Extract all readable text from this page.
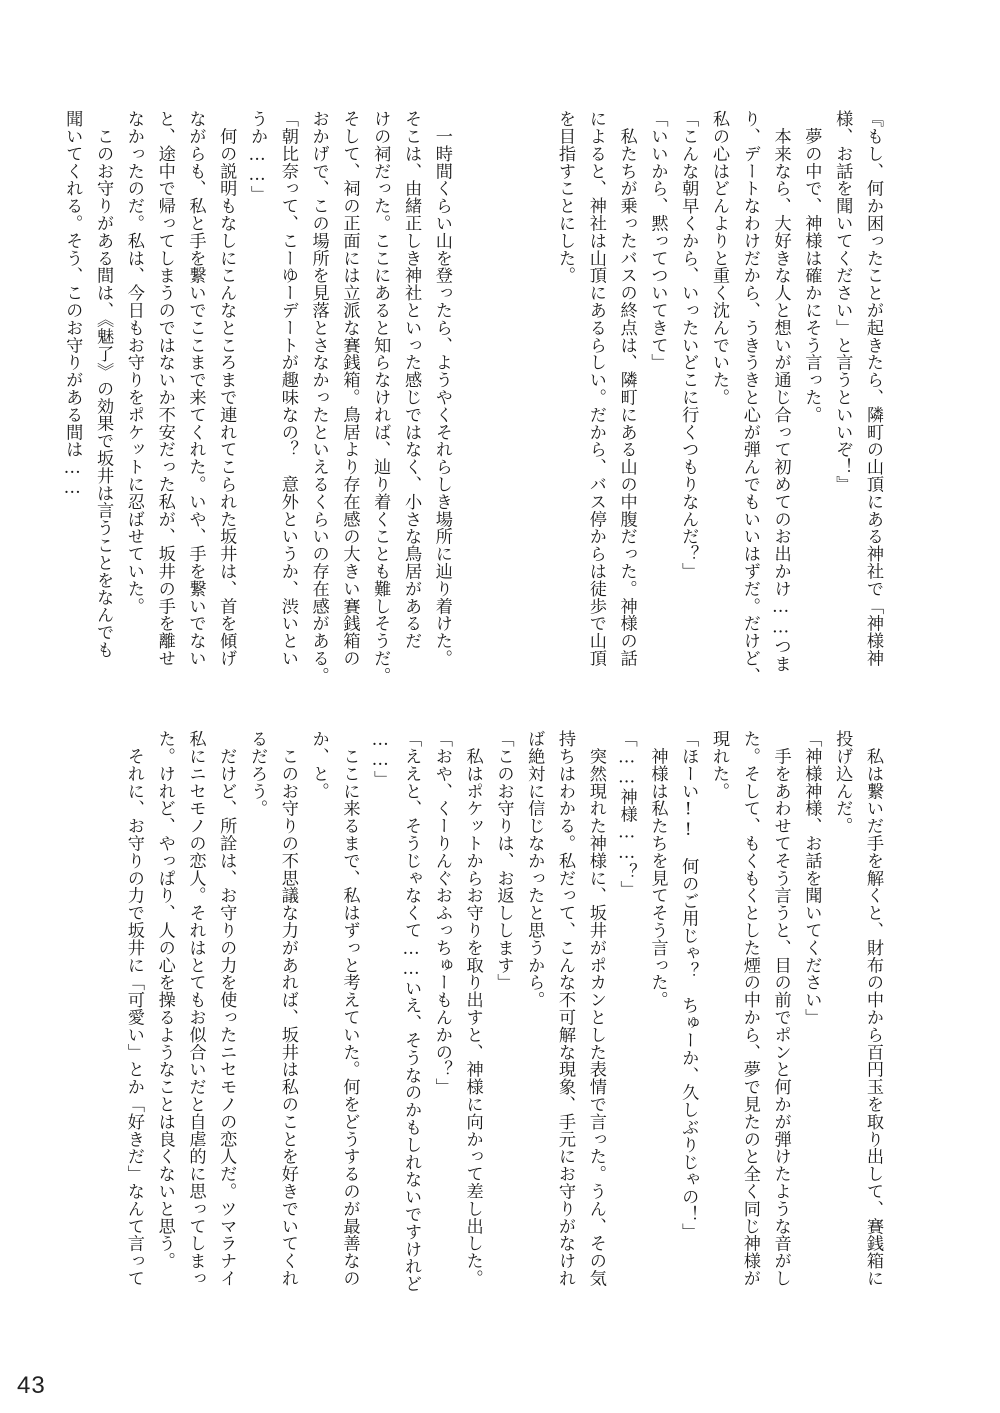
『もし、何か困ったことが起きたら、隣町の山頂にある神社で「神様神
様、お話を聞いてください」と言うといいぞ！』
　夢の中で、神様は確かにそう言った。
　本来なら、大好きな人と想いが通じ合って初めてのお出かけ……つま
り、デートなわけだから、うきうきと心が弾んでもいいはずだ。だけど、
私の心はどんよりと重く沈んでいた。
「こんな朝早くから、いったいどこに行くつもりなんだ？」
「いいから、黙ってついてきて」
　私たちが乗ったバスの終点は、隣町にある山の中腹だった。神様の話
によると、神社は山頂にあるらしい。だから、バス停からは徒歩で山頂
を目指すことにした。

　一時間くらい山を登ったら、ようやくそれらしき場所に辿り着けた。
そこは、由緒正しき神社といった感じではなく、小さな鳥居があるだ
けの祠だった。ここにあると知らなければ、辿り着くことも難しそうだ。
そして、祠の正面には立派な賽銭箱。鳥居より存在感の大きい賽銭箱の
おかげで、この場所を見落とさなかったといえるくらいの存在感がある。
「朝比奈って、こーゆーデートが趣味なの？　意外というか、渋いとい
うか……」
　何の説明もなしにこんなところまで連れてこられた坂井は、首を傾げ
ながらも、私と手を繋いでここまで来てくれた。いや、手を繋いでない
と、途中で帰ってしまうのではないか不安だった私が、坂井の手を離せ
なかったのだ。私は、今日もお守りをポケットに忍ばせていた。
　このお守りがある間は、《魅了》の効果で坂井は言うことをなんでも
聞いてくれる。そう、このお守りがある間は……
　私は繋いだ手を解くと、財布の中から百円玉を取り出して、賽銭箱に
投げ込んだ。
「神様神様、お話を聞いてください」
　手をあわせてそう言うと、目の前でポンと何かが弾けたような音がし
た。そして、もくもくとした煙の中から、夢で見たのと全く同じ神様が
現れた。
「ほーい!!　何のご用じゃ？　ちゅーか、久しぶりじゃの！」
　神様は私たちを見てそう言った。
「……神様……？」
　突然現れた神様に、坂井がポカンとした表情で言った。うん、その気
持ちはわかる。私だって、こんな不可解な現象、手元にお守りがなけれ
ば絶対に信じなかったと思うから。
「このお守りは、お返しします」
　私はポケットからお守りを取り出すと、神様に向かって差し出した。
「おや、くーりんぐおふっちゅーもんかの？」
「ええと、そうじゃなくて……いえ、そうなのかもしれないですけれど
……」
　ここに来るまで、私はずっと考えていた。何をどうするのが最善なの
か、と。
　このお守りの不思議な力があれば、坂井は私のことを好きでいてくれ
るだろう。
　だけど、所詮は、お守りの力を使ったニセモノの恋人だ。ツマラナイ
私にニセモノの恋人。それはとてもお似合いだと自虐的に思ってしまっ
た。けれど、やっぱり、人の心を操るようなことは良くないと思う。
　それに、お守りの力で坂井に「可愛い」とか「好きだ」なんて言って
43
